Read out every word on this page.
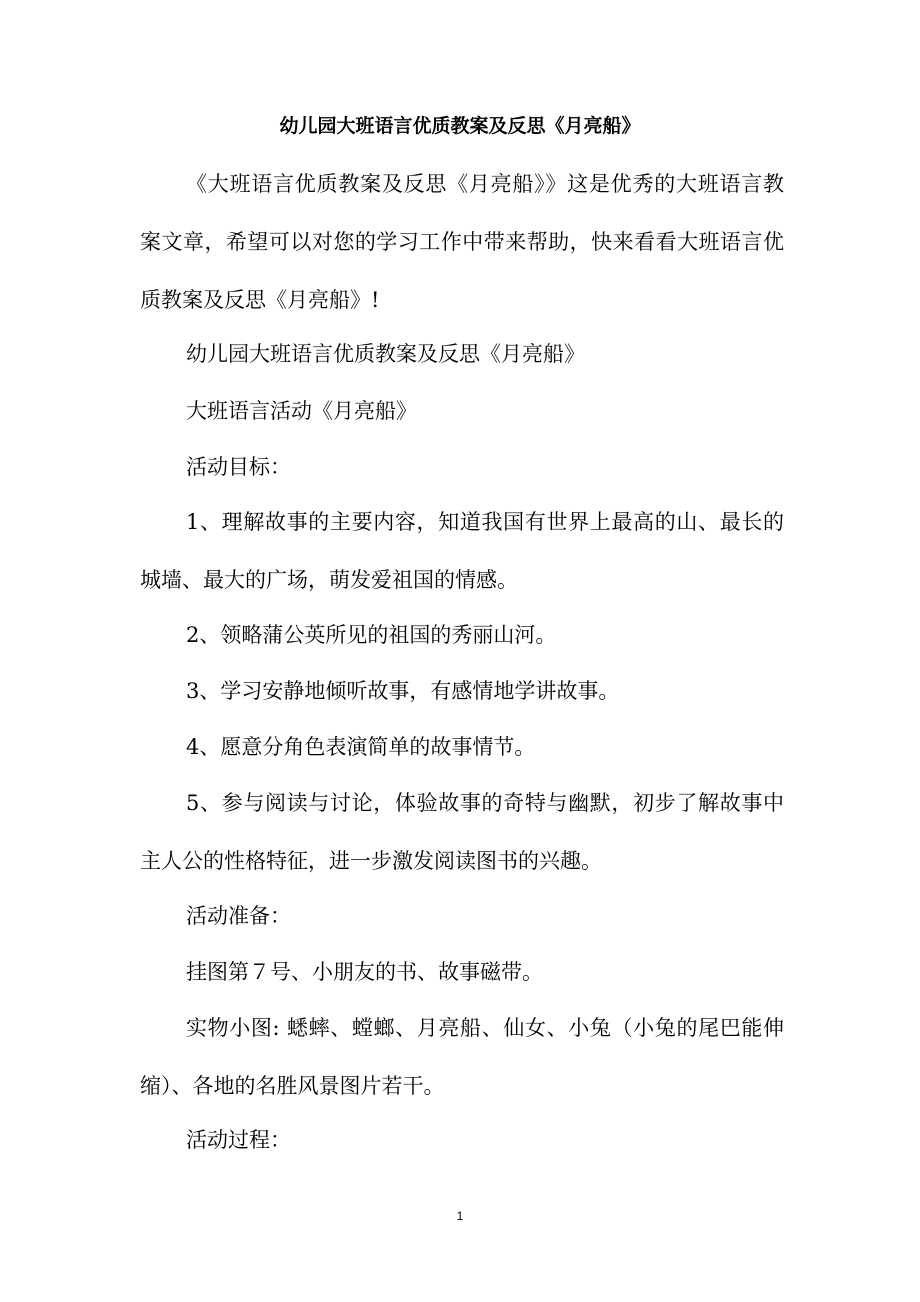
幼儿园大班语言优质教案及反思《月亮船》
《大班语言优质教案及反思《月亮船》》这是优秀的大班语言教
案文章，希望可以对您的学习工作中带来帮助，快来看看大班语言优
质教案及反思《月亮船》!
幼儿园大班语言优质教案及反思《月亮船》
大班语言活动《月亮船》
活动目标：
1、理解故事的主要内容，知道我国有世界上最高的山、最长的
城墙、最大的广场，萌发爱祖国的情感。
2、领略蒲公英所见的祖国的秀丽山河。
3、学习安静地倾听故事，有感情地学讲故事。
4、愿意分角色表演简单的故事情节。
5、参与阅读与讨论，体验故事的奇特与幽默，初步了解故事中
主人公的性格特征，进一步激发阅读图书的兴趣。
活动准备：
挂图第７号、小朋友的书、故事磁带。
实物小图: 蟋蟀、螳螂、月亮船、仙女、小兔（小兔的尾巴能伸
缩）、各地的名胜风景图片若干。
活动过程：
1
